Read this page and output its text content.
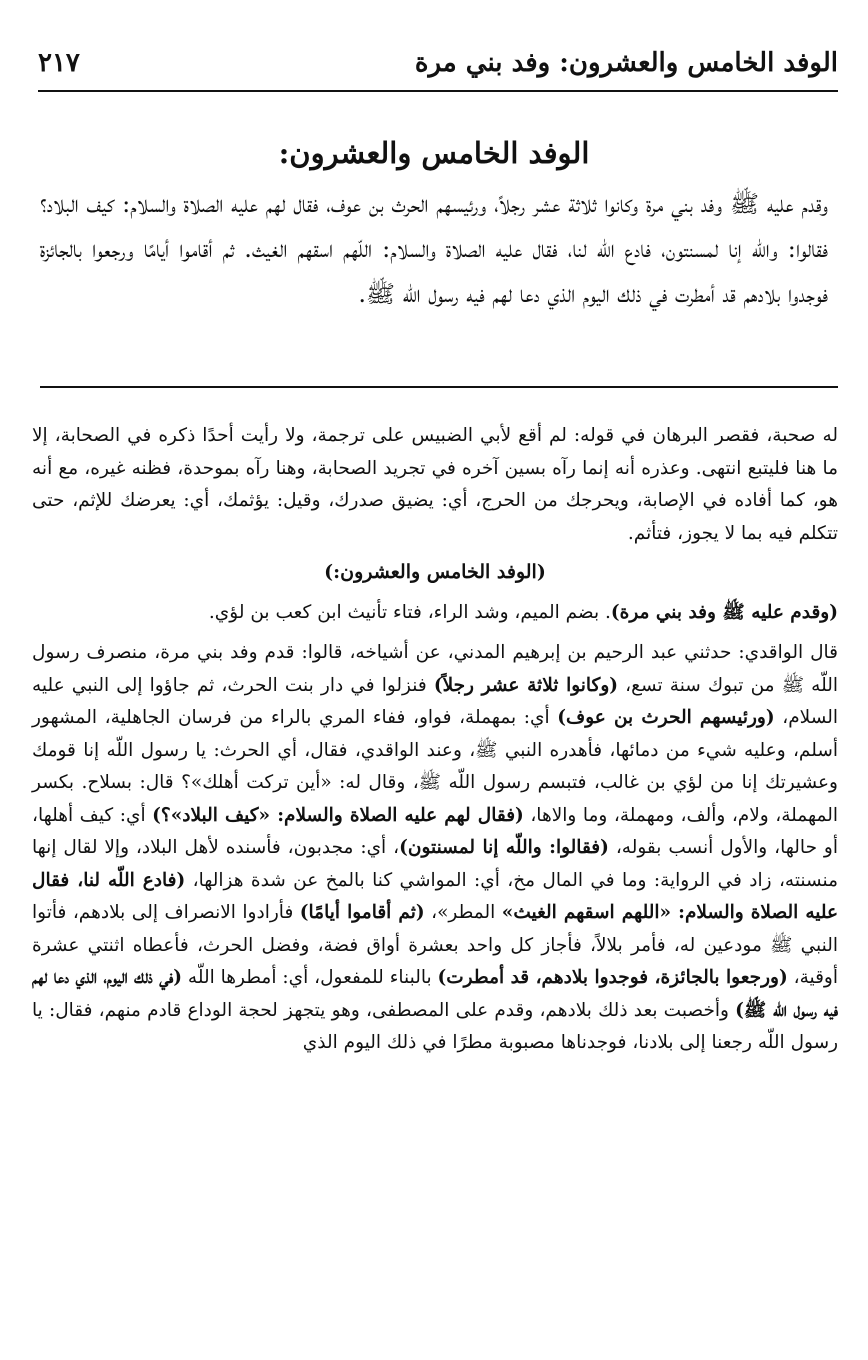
الوفد الخامس والعشرون: وفد بني مرة
٢١٧
الوفد الخامس والعشرون:

وقدم عليه ﷺ وفد بني مرة وكانوا ثلاثة عشر رجلاً، ورئيسهم الحرث بن عوف، فقال لهم عليه الصلاة والسلام: كيف البلاد؟ فقالوا: والله إنا لمسنتون، فادع الله لنا، فقال عليه الصلاة والسلام: اللّهم اسقهم الغيث. ثم أقاموا أيامًا ورجعوا بالجائزة فوجدوا بلادهم قد أمطرت في ذلك اليوم الذي دعا لهم فيه رسول الله ﷺ.

له صحبة، فقصر البرهان في قوله: لم أقع لأبي الضبيس على ترجمة، ولا رأيت أحدًا ذكره في الصحابة، إلا ما هنا فليتبع انتهى. وعذره أنه إنما رآه بسين آخره في تجريد الصحابة، وهنا رآه بموحدة، فظنه غيره، مع أنه هو، كما أفاده في الإصابة، ويحرجك من الحرج، أي: يضيق صدرك، وقيل: يؤثمك، أي: يعرضك للإثم، حتى تتكلم فيه بما لا يجوز، فتأثم.

(الوفد الخامس والعشرون:)

(وقدم عليه ﷺ وفد بني مرة). بضم الميم، وشد الراء، فتاء تأنيث ابن كعب بن لؤي.

قال الواقدي: حدثني عبد الرحيم بن إبرهيم المدني، عن أشياخه، قالوا: قدم وفد بني مرة، منصرف رسول اللّه ﷺ من تبوك سنة تسع، (وكانوا ثلاثة عشر رجلاً) فنزلوا في دار بنت الحرث، ثم جاؤوا إلى النبي عليه السلام، (ورئيسهم الحرث بن عوف) أي: بمهملة، فواو، ففاء المري بالراء من فرسان الجاهلية، المشهور أسلم، وعليه شيء من دمائها، فأهدره النبي ﷺ، وعند الواقدي، فقال، أي الحرث: يا رسول اللّه إنا قومك وعشيرتك إنا من لؤي بن غالب، فتبسم رسول اللّه ﷺ، وقال له: «أين تركت أهلك»؟ قال: بسلاح. بكسر المهملة، ولام، وألف، ومهملة، وما والاها، (فقال لهم عليه الصلاة والسلام: «كيف البلاد»؟) أي: كيف أهلها، أو حالها، والأول أنسب بقوله، (فقالوا: واللّه إنا لمسنتون)، أي: مجدبون، فأسنده لأهل البلاد، وإلا لقال إنها منسنته، زاد في الرواية: وما في المال مخ، أي: المواشي كنا بالمخ عن شدة هزالها، (فادع اللّه لنا، فقال عليه الصلاة والسلام: «اللهم اسقهم الغيث» المطر»، (ثم أقاموا أيامًا) فأرادوا الانصراف إلى بلادهم، فأتوا النبي ﷺ مودعين له، فأمر بلالاً، فأجاز كل واحد بعشرة أواق فضة، وفضل الحرث، فأعطاه اثنتي عشرة أوقية، (ورجعوا بالجائزة، فوجدوا بلادهم، قد أمطرت) بالبناء للمفعول، أي: أمطرها اللّه (في ذلك اليوم، الذي دعا لهم فيه رسول اللّه ﷺ) وأخصبت بعد ذلك بلادهم، وقدم على المصطفى، وهو يتجهز لحجة الوداع قادم منهم، فقال: يا رسول اللّه رجعنا إلى بلادنا، فوجدناها مصبوبة مطرًا في ذلك اليوم الذي
